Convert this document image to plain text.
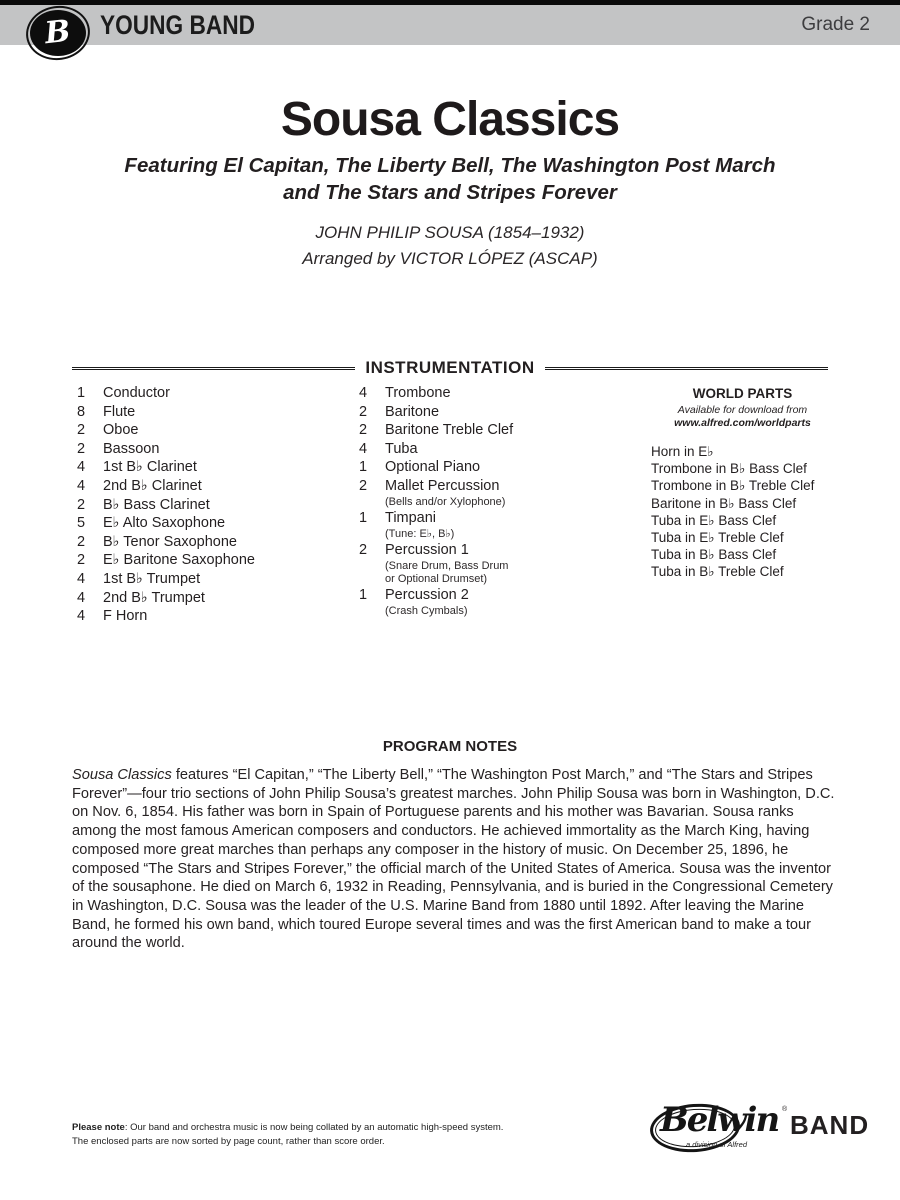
B YOUNG BAND	Grade 2
Sousa Classics
Featuring El Capitan, The Liberty Bell, The Washington Post March
and The Stars and Stripes Forever
JOHN PHILIP SOUSA (1854–1932)
Arranged by VICTOR LÓPEZ (ASCAP)
INSTRUMENTATION
1	Conductor
8	Flute
2	Oboe
2	Bassoon
4	1st B♭ Clarinet
4	2nd B♭ Clarinet
2	B♭ Bass Clarinet
5	E♭ Alto Saxophone
2	B♭ Tenor Saxophone
2	E♭ Baritone Saxophone
4	1st B♭ Trumpet
4	2nd B♭ Trumpet
4	F Horn
4	Trombone
2	Baritone
2	Baritone Treble Clef
4	Tuba
1	Optional Piano
2	Mallet Percussion
(Bells and/or Xylophone)
1	Timpani
(Tune: E♭, B♭)
2	Percussion 1
(Snare Drum, Bass Drum
or Optional Drumset)
1	Percussion 2
(Crash Cymbals)
WORLD PARTS
Available for download from
www.alfred.com/worldparts
Horn in E♭
Trombone in B♭ Bass Clef
Trombone in B♭ Treble Clef
Baritone in B♭ Bass Clef
Tuba in E♭ Bass Clef
Tuba in E♭ Treble Clef
Tuba in B♭ Bass Clef
Tuba in B♭ Treble Clef
PROGRAM NOTES
Sousa Classics features “El Capitan,” “The Liberty Bell,” “The Washington Post March,” and “The Stars and Stripes Forever”—four trio sections of John Philip Sousa’s greatest marches. John Philip Sousa was born in Washington, D.C. on Nov. 6, 1854. His father was born in Spain of Portuguese parents and his mother was Bavarian. Sousa ranks among the most famous American composers and conductors. He achieved immortality as the March King, having composed more great marches than perhaps any composer in the history of music. On December 25, 1896, he composed “The Stars and Stripes Forever,” the official march of the United States of America. Sousa was the inventor of the sousaphone. He died on March 6, 1932 in Reading, Pennsylvania, and is buried in the Congressional Cemetery in Washington, D.C. Sousa was the leader of the U.S. Marine Band from 1880 until 1892. After leaving the Marine Band, he formed his own band, which toured Europe several times and was the first American band to make a tour around the world.
Please note: Our band and orchestra music is now being collated by an automatic high-speed system.
The enclosed parts are now sorted by page count, rather than score order.
Belwin ®
BAND
a division of Alfred
